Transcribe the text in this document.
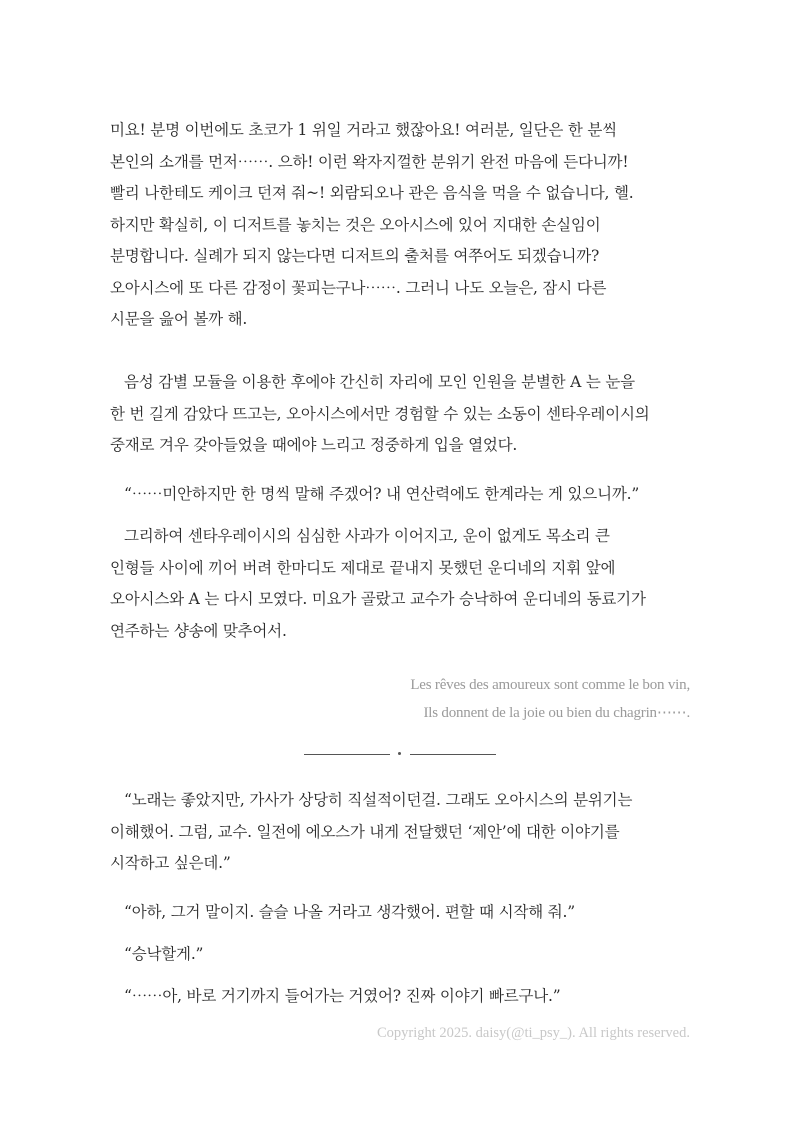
미요! 분명 이번에도 초코가 1 위일 거라고 했잖아요! 여러분, 일단은 한 분씩
본인의 소개를 먼저⋯⋯. 으하! 이런 왁자지껄한 분위기 완전 마음에 든다니까!
빨리 나한테도 케이크 던져 줘~! 외람되오나 관은 음식을 먹을 수 없습니다, 헬.
하지만 확실히, 이 디저트를 놓치는 것은 오아시스에 있어 지대한 손실임이
분명합니다. 실례가 되지 않는다면 디저트의 출처를 여쭈어도 되겠습니까?
오아시스에 또 다른 감정이 꽃피는구나⋯⋯. 그러니 나도 오늘은, 잠시 다른
시문을 읊어 볼까 해.
음성 감별 모듈을 이용한 후에야 간신히 자리에 모인 인원을 분별한 A 는 눈을
한 번 길게 감았다 뜨고는, 오아시스에서만 경험할 수 있는 소동이 센타우레이시의
중재로 겨우 갖아들었을 때에야 느리고 정중하게 입을 열었다.
“⋯⋯미안하지만 한 명씩 말해 주겠어? 내 연산력에도 한계라는 게 있으니까.”
그리하여 센타우레이시의 심심한 사과가 이어지고, 운이 없게도 목소리 큰
인형들 사이에 끼어 버려 한마디도 제대로 끝내지 못했던 운디네의 지휘 앞에
오아시스와 A 는 다시 모였다. 미요가 골랐고 교수가 승낙하여 운디네의 동료기가
연주하는 샹송에 맞추어서.
Les rêves des amoureux sont comme le bon vin,
Ils donnent de la joie ou bien du chagrin⋯⋯.
“노래는 좋았지만, 가사가 상당히 직설적이던걸. 그래도 오아시스의 분위기는
이해했어. 그럼, 교수. 일전에 에오스가 내게 전달했던 ‘제안’에 대한 이야기를
시작하고 싶은데.”
“아하, 그거 말이지. 슬슬 나올 거라고 생각했어. 편할 때 시작해 줘.”
“승낙할게.”
“⋯⋯아, 바로 거기까지 들어가는 거였어? 진짜 이야기 빠르구나.”
Copyright 2025. daisy(@ti_psy_). All rights reserved.
